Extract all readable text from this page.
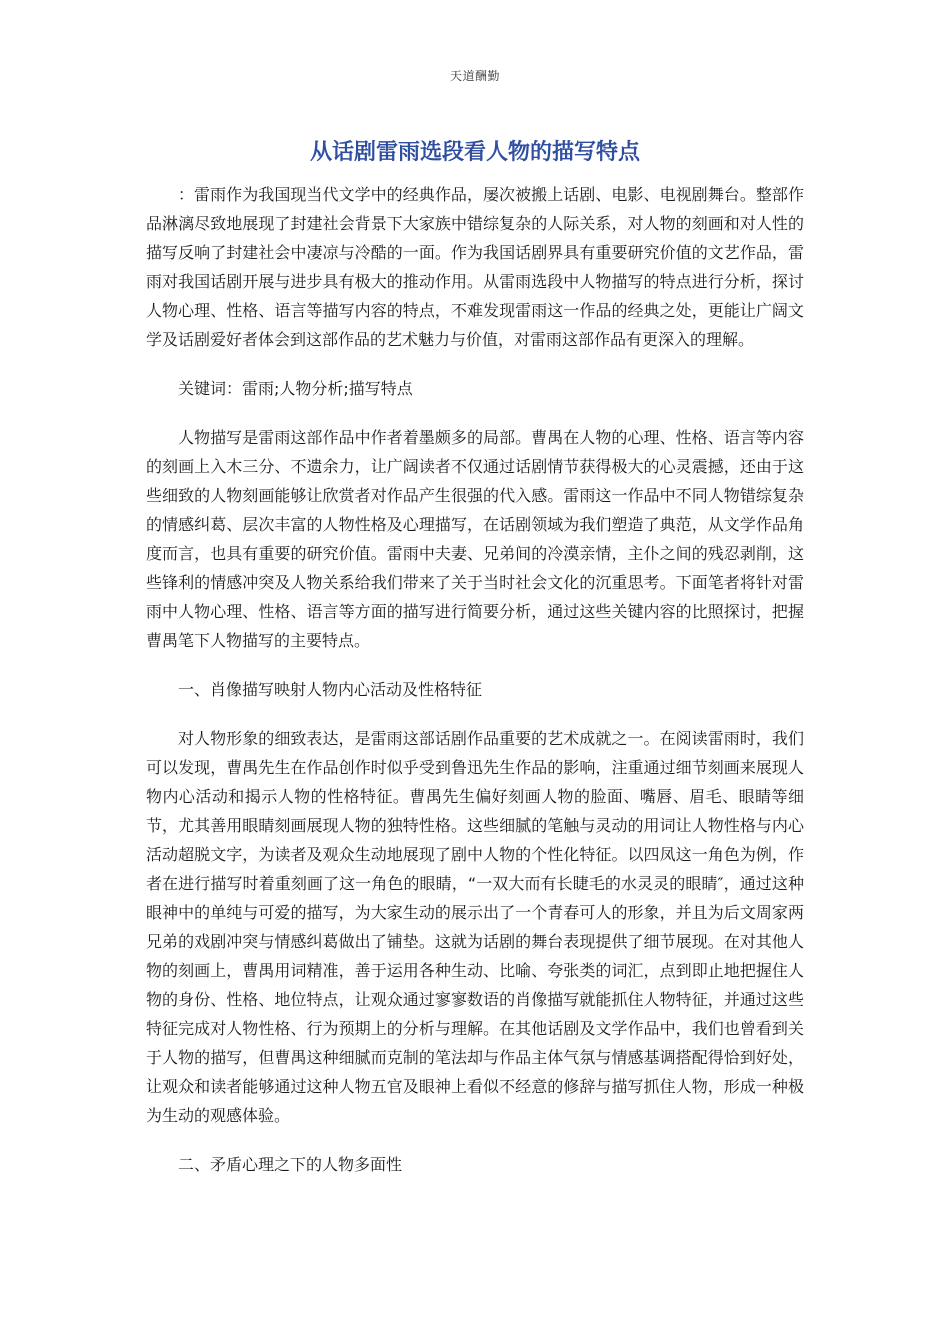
天道酬勤
从话剧雷雨选段看人物的描写特点

：雷雨作为我国现当代文学中的经典作品，屡次被搬上话剧、电影、电视剧舞台。整部作品淋漓尽致地展现了封建社会背景下大家族中错综复杂的人际关系，对人物的刻画和对人性的描写反响了封建社会中凄凉与冷酷的一面。作为我国话剧界具有重要研究价值的文艺作品，雷雨对我国话剧开展与进步具有极大的推动作用。从雷雨选段中人物描写的特点进行分析，探讨人物心理、性格、语言等描写内容的特点，不难发现雷雨这一作品的经典之处，更能让广阔文学及话剧爱好者体会到这部作品的艺术魅力与价值，对雷雨这部作品有更深入的理解。

关键词：雷雨;人物分析;描写特点

人物描写是雷雨这部作品中作者着墨颇多的局部。曹禺在人物的心理、性格、语言等内容的刻画上入木三分、不遗余力，让广阔读者不仅通过话剧情节获得极大的心灵震撼，还由于这些细致的人物刻画能够让欣赏者对作品产生很强的代入感。雷雨这一作品中不同人物错综复杂的情感纠葛、层次丰富的人物性格及心理描写，在话剧领域为我们塑造了典范，从文学作品角度而言，也具有重要的研究价值。雷雨中夫妻、兄弟间的冷漠亲情，主仆之间的残忍剥削，这些锋利的情感冲突及人物关系给我们带来了关于当时社会文化的沉重思考。下面笔者将针对雷雨中人物心理、性格、语言等方面的描写进行简要分析，通过这些关键内容的比照探讨，把握曹禺笔下人物描写的主要特点。

一、肖像描写映射人物内心活动及性格特征

对人物形象的细致表达，是雷雨这部话剧作品重要的艺术成就之一。在阅读雷雨时，我们可以发现，曹禺先生在作品创作时似乎受到鲁迅先生作品的影响，注重通过细节刻画来展现人物内心活动和揭示人物的性格特征。曹禺先生偏好刻画人物的脸面、嘴唇、眉毛、眼睛等细节，尤其善用眼睛刻画展现人物的独特性格。这些细腻的笔触与灵动的用词让人物性格与内心活动超脱文字，为读者及观众生动地展现了剧中人物的个性化特征。以四凤这一角色为例，作者在进行描写时着重刻画了这一角色的眼睛，“一双大而有长睫毛的水灵灵的眼睛″，通过这种眼神中的单纯与可爱的描写，为大家生动的展示出了一个青春可人的形象，并且为后文周家两兄弟的戏剧冲突与情感纠葛做出了铺垫。这就为话剧的舞台表现提供了细节展现。在对其他人物的刻画上，曹禺用词精准，善于运用各种生动、比喻、夸张类的词汇，点到即止地把握住人物的身份、性格、地位特点，让观众通过寥寥数语的肖像描写就能抓住人物特征，并通过这些特征完成对人物性格、行为预期上的分析与理解。在其他话剧及文学作品中，我们也曾看到关于人物的描写，但曹禺这种细腻而克制的笔法却与作品主体气氛与情感基调搭配得恰到好处，让观众和读者能够通过这种人物五官及眼神上看似不经意的修辞与描写抓住人物，形成一种极为生动的观感体验。

二、矛盾心理之下的人物多面性
